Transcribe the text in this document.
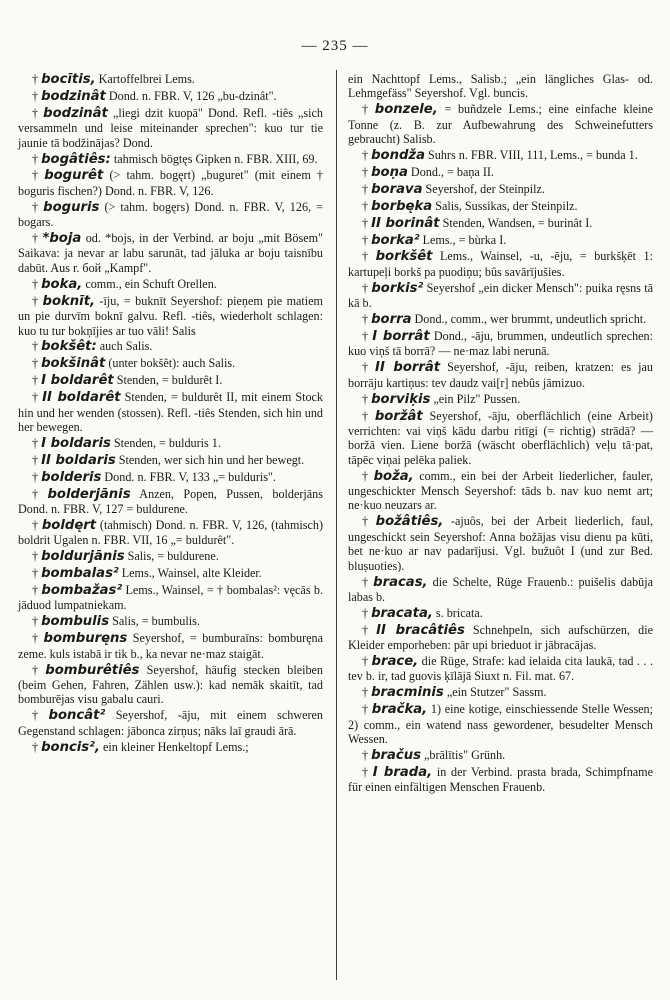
— 235 —

† bocītis, Kartoffelbrei Lems.

† bodzinât Dond. n. FBR. V, 126 „bu-dzinât".

† bodzinât „liegi dzit kuopā" Dond. Refl. -tiês „sich versammeln und leise miteinander sprechen": kuo tur tie jaunie tā bodžinājas? Dond.

† bogâtiês: tahmisch bögtęs Gipken n. FBR. XIII, 69.

† bogurêt (> tahm. bogęrt) „buguret" (mit einem † boguris fischen?) Dond. n. FBR. V, 126.

† boguris (> tahm. bogęrs) Dond. n. FBR. V, 126, = bogars.

† *boja od. *bojs, in der Verbind. ar boju „mit Bösem" Saikava: ja nevar ar labu sarunāt, tad jāluka ar boju taisnību dabūt. Aus r. бой „Kampf".

† boka, comm., ein Schuft Orellen.

† boknīt, -īju, = buknīt Seyershof: pieņem pie matiem un pie durvīm boknī galvu. Refl. -tiês, wiederholt schlagen: kuo tu tur bokņījies ar tuo vāli! Salis

† bokšêt: auch Salis.

† bokšinât (unter bokšêt): auch Salis.

† I boldarêt Stenden, = buldurêt I.

† II boldarêt Stenden, = buldurêt II, mit einem Stock hin und her wenden (stossen). Refl. -tiês Stenden, sich hin und her bewegen.

† I boldaris Stenden, = bulduris 1.

† II boldaris Stenden, wer sich hin und her bewegt.

† bolderis Dond. n. FBR. V, 133 „= bulduris".

† bolderjānis Anzen, Popen, Pussen, bolderjāns Dond. n. FBR. V, 127 = buldurene.

† boldęrt (tahmisch) Dond. n. FBR. V, 126, (tahmisch) boldrit Ugalen n. FBR. VII, 16 „= buldurêt".

† boldurjānis Salis, = buldurene.

† bombalas² Lems., Wainsel, alte Kleider.

† bombažas² Lems., Wainsel, = † bombalas²: vęcās b. jāduod lumpatniekam.

† bombulis Salis, = bumbulis.

† bomburęns Seyershof, = bumburaīns: bomburęna zeme. kuls istabā ir tik b., ka nevar ne·maz staigāt.

† bomburêtiês Seyershof, häufig stecken bleiben (beim Gehen, Fahren, Zählen usw.): kad nemāk skaitīt, tad bomburējas visu gabalu cauri.

† boncât² Seyershof, -āju, mit einem schweren Gegenstand schlagen: jābonca zirņus; nāks laī graudi ārā.

† boncis², ein kleiner Henkeltopf Lems.;

ein Nachttopf Lems., Salisb.; „ein längliches Glas- od. Lehmgefäss" Seyershof. Vgl. buncis.

† bonzele, = buñdzele Lems.; eine einfache kleine Tonne (z. B. zur Aufbewahrung des Schweinefutters gebraucht) Salisb.

† bondža Suhrs n. FBR. VIII, 111, Lems., = bunda 1.

† boņa Dond., = baņa II.

† borava Seyershof, der Steinpilz.

† borbęka Salis, Sussikas, der Steinpilz.

† II borinât Stenden, Wandsen, = burinât I.

† borka² Lems., = bùrka I.

† borkšêt Lems., Wainsel, -u, -ēju, = burkšķēt 1: kartupeļi borkš pa puodiņu; bûs savārījušies.

† borkis² Seyershof „ein dicker Mensch": puika ręsns tā kā b.

† borra Dond., comm., wer brummt, undeutlich spricht.

† I borrât Dond., -āju, brummen, undeutlich sprechen: kuo viņš tā borrā? — ne·maz labi nerunā.

† II borrât Seyershof, -āju, reiben, kratzen: es jau borrāju kartiņus: tev daudz vai[r] nebûs jāmizuo.

† borviķis „ein Pilz" Pussen.

† boržât Seyershof, -āju, oberflächlich (eine Arbeit) verrichten: vai viņš kādu darbu ritīgi (= richtig) strādā? — boržā vien. Liene boržā (wäscht oberflächlich) veļu tā·pat, tāpēc viņai pelēka paliek.

† boža, comm., ein bei der Arbeit liederlicher, fauler, ungeschickter Mensch Seyershof: tāds b. nav kuo nemt art; ne·kuo neuzars ar.

† božâtiês, -ajuôs, bei der Arbeit liederlich, faul, ungeschickt sein Seyershof: Anna božājas visu dienu pa kūti, bet ne·kuo ar nav padarījusi. Vgl. bužuôt I (und zur Bed. bluṣuoties).

† bracas, die Schelte, Rüge Frauenb.: puišelis dabūja labas b.

† bracata, s. bricata.

† II bracâtiês Schnehpeln, sich aufschürzen, die Kleider emporheben: pār upi brieduot ir jābracājas.

† brace, die Rüge, Strafe: kad ielaida cita laukā, tad . . . tev b. ir, tad guovis ķīlājā Siuxt n. Fil. mat. 67.

† bracminis „ein Stutzer" Sassm.

† bračka, 1) eine kotige, einschiessende Stelle Wessen; 2) comm., ein watend nass gewordener, besudelter Mensch Wessen.

† bračus „brālītis" Grünh.

† I brada, in der Verbind. prasta brada, Schimpfname für einen einfältigen Menschen Frauenb.
